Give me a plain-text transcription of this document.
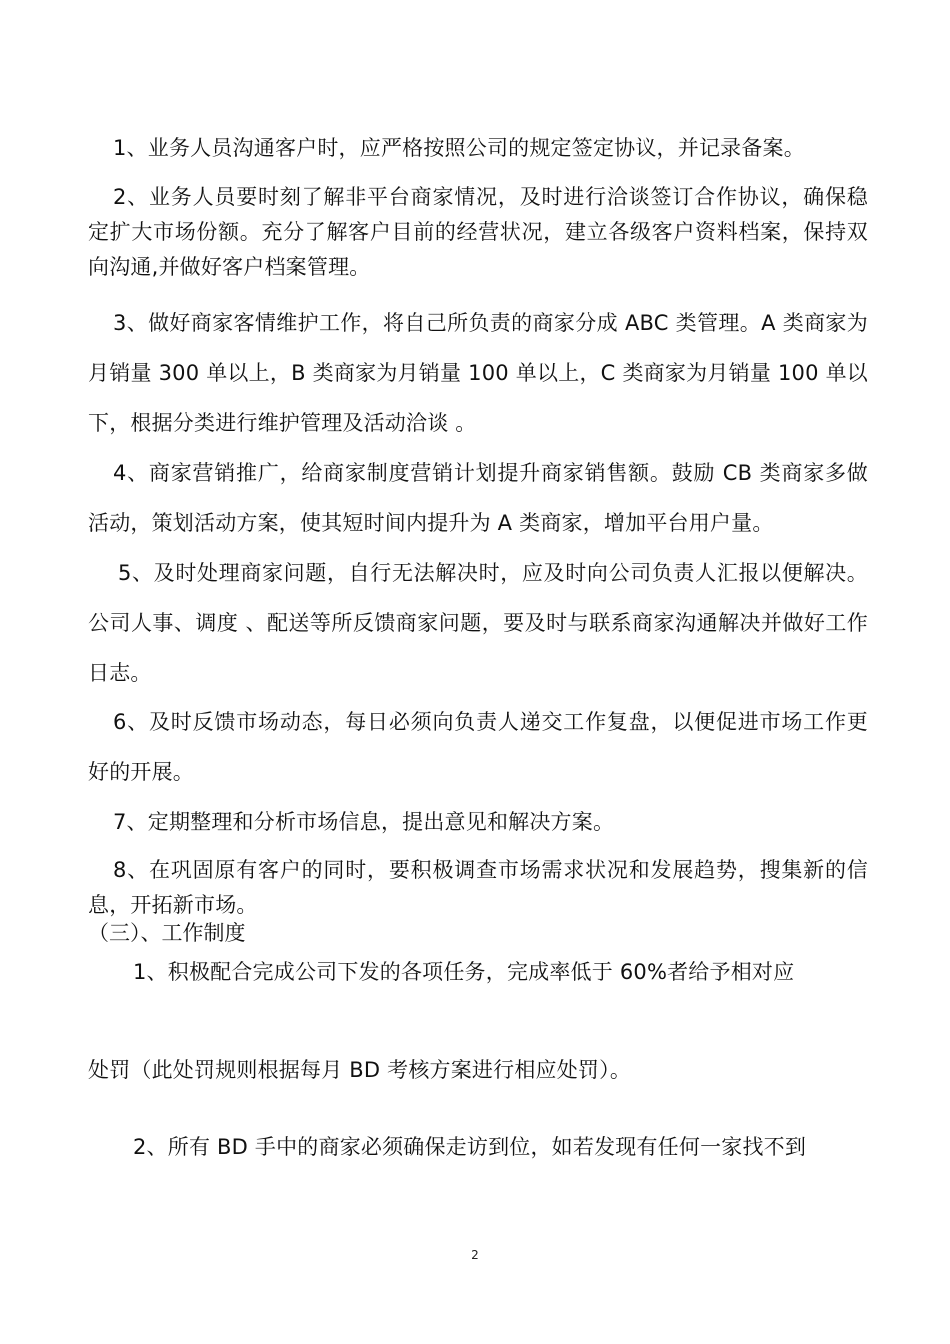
1、业务人员沟通客户时，应严格按照公司的规定签定协议，并记录备案。

2、业务人员要时刻了解非平台商家情况，及时进行洽谈签订合作协议，确保稳定扩大市场份额。充分了解客户目前的经营状况，建立各级客户资料档案，保持双向沟通,并做好客户档案管理。

3、做好商家客情维护工作，将自己所负责的商家分成 ABC 类管理。A 类商家为月销量 300 单以上，B 类商家为月销量 100 单以上，C 类商家为月销量 100 单以下，根据分类进行维护管理及活动洽谈 。

4、商家营销推广，给商家制度营销计划提升商家销售额。鼓励 CB 类商家多做活动，策划活动方案，使其短时间内提升为 A 类商家，增加平台用户量。

5、及时处理商家问题，自行无法解决时，应及时向公司负责人汇报以便解决。公司人事、调度 、配送等所反馈商家问题，要及时与联系商家沟通解决并做好工作日志。

6、及时反馈市场动态，每日必须向负责人递交工作复盘，以便促进市场工作更好的开展。

7、定期整理和分析市场信息，提出意见和解决方案。

8、在巩固原有客户的同时，要积极调查市场需求状况和发展趋势，搜集新的信息，开拓新市场。

（三）、工作制度

1、积极配合完成公司下发的各项任务，完成率低于 60%者给予相对应

处罚（此处罚规则根据每月 BD 考核方案进行相应处罚）。

2、所有 BD 手中的商家必须确保走访到位，如若发现有任何一家找不到

2
